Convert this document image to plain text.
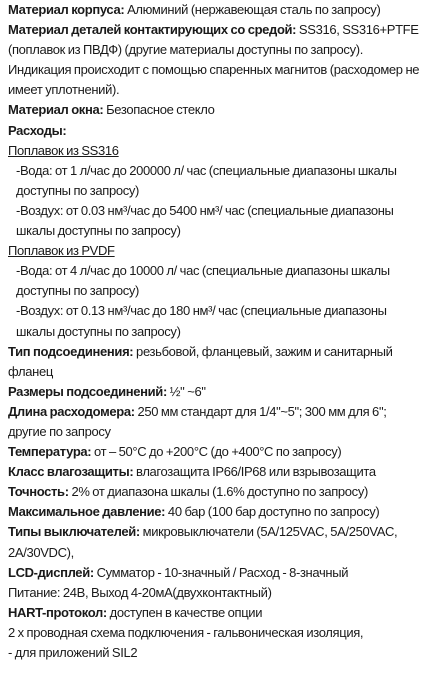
Материал корпуса: Алюминий (нержавеющая сталь по запросу)

Материал деталей контактирующих со средой: SS316, SS316+PTFE (поплавок из ПВДФ) (другие материалы доступны по запросу). Индикация происходит с помощью спаренных магнитов (расходомер не имеет уплотнений).

Материал окна: Безопасное стекло

Расходы:

Поплавок из SS316

-Вода: от 1 л/час до 200000 л/ час (специальные диапазоны шкалы доступны по запросу)

-Воздух: от 0.03 нм³/час до 5400 нм³/ час (специальные диапазоны шкалы доступны по запросу)

Поплавок из PVDF

-Вода: от 4 л/час до 10000 л/ час (специальные диапазоны шкалы доступны по запросу)

-Воздух: от 0.13 нм³/час до 180 нм³/ час (специальные диапазоны шкалы доступны по запросу)

Тип подсоединения: резьбовой, фланцевый, зажим и санитарный фланец

Размеры подсоединений: ½" ~6"

Длина расходомера: 250 мм стандарт для 1/4"~5"; 300 мм для 6"; другие по запросу

Температура: от – 50°С до +200°С (до +400°С по запросу)

Класс влагозащиты: влагозащита IP66/IP68 или взрывозащита

Точность: 2% от диапазона шкалы (1.6% доступно по запросу)

Максимальное давление: 40 бар (100 бар доступно по запросу)

Типы выключателей: микровыключатели (5A/125VAC, 5A/250VAC, 2A/30VDC),

LCD-дисплей: Сумматор - 10-значный / Расход - 8-значный

Питание: 24В, Выход 4-20мА(двухконтактный)

HART-протокол: доступен в качестве опции

2 х проводная схема подключения - гальвоническая изоляция,
- для приложений SIL2
